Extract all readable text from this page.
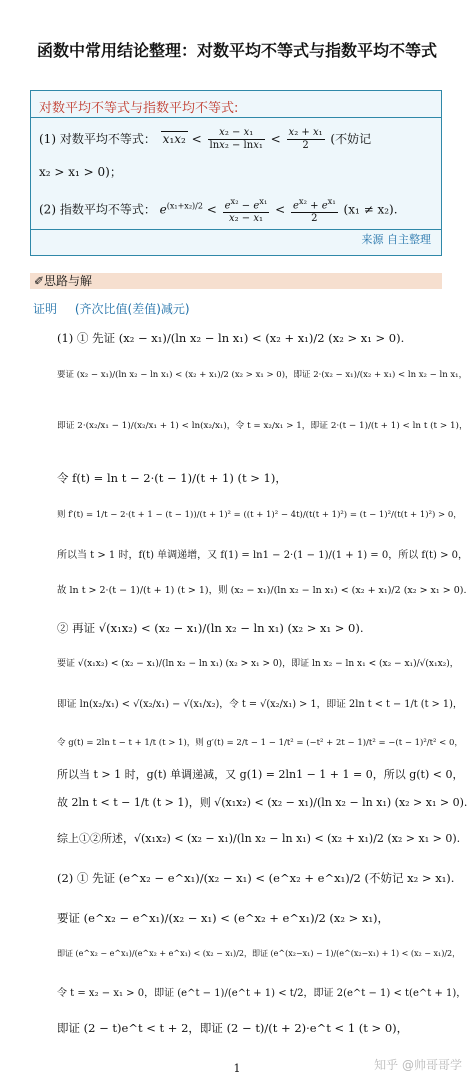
函数中常用结论整理：对数平均不等式与指数平均不等式
对数平均不等式与指数平均不等式:
(1) 对数平均不等式： $x_1x_2 < \frac{\text{x₂ − x₁}}{\text{lnx₂ − lnx₁}} < \frac{\text{x₂ + x₁}}{2}$ (不妨记
x₂ > x₁ > 0)；
(2) 指数平均不等式： $e^{(x_1+x_2)/2} < \frac{e^{x_2} - e^{x_1}}{\text{x₂ − x₁}} < \frac{e^{x_2} + e^{x_1}}{2} (x_1 \ne x_2)$.
来源 自主整理
✐思路与解
证明 (齐次比值(差值)减元)
(1) ① 先证 (x₂ − x₁)/(ln x₂ − ln x₁) < (x₂ + x₁)/2 (x₂ > x₁ > 0).
要证 (x₂ − x₁)/(ln x₂ − ln x₁) < (x₂ + x₁)/2 (x₂ > x₁ > 0)，即证 2·(x₂ − x₁)/(x₂ + x₁) < ln x₂ − ln x₁，
即证 2·(x₂/x₁ − 1)/(x₂/x₁ + 1) < ln(x₂/x₁)，令 t = x₂/x₁ > 1，即证 2·(t − 1)/(t + 1) < ln t (t > 1)，
令 f(t) = ln t − 2·(t − 1)/(t + 1) (t > 1)，
则 f′(t) = 1/t − 2·(t + 1 − (t − 1))/(t + 1)² = ((t + 1)² − 4t)/(t(t + 1)²) = (t − 1)²/(t(t + 1)²) > 0，
所以当 t > 1 时，f(t) 单调递增，又 f(1) = ln1 − 2·(1 − 1)/(1 + 1) = 0，所以 f(t) > 0，
故 ln t > 2·(t − 1)/(t + 1) (t > 1)，则 (x₂ − x₁)/(ln x₂ − ln x₁) < (x₂ + x₁)/2 (x₂ > x₁ > 0).
② 再证 √(x₁x₂) < (x₂ − x₁)/(ln x₂ − ln x₁) (x₂ > x₁ > 0).
要证 √(x₁x₂) < (x₂ − x₁)/(ln x₂ − ln x₁) (x₂ > x₁ > 0)，即证 ln x₂ − ln x₁ < (x₂ − x₁)/√(x₁x₂)，
即证 ln(x₂/x₁) < √(x₂/x₁) − √(x₁/x₂)，令 t = √(x₂/x₁) > 1，即证 2ln t < t − 1/t (t > 1)，
令 g(t) = 2ln t − t + 1/t (t > 1)，则 g′(t) = 2/t − 1 − 1/t² = (−t² + 2t − 1)/t² = −(t − 1)²/t² < 0，
所以当 t > 1 时，g(t) 单调递减，又 g(1) = 2ln1 − 1 + 1 = 0，所以 g(t) < 0，
故 2ln t < t − 1/t (t > 1)，则 √(x₁x₂) < (x₂ − x₁)/(ln x₂ − ln x₁) (x₂ > x₁ > 0).
综上①②所述，√(x₁x₂) < (x₂ − x₁)/(ln x₂ − ln x₁) < (x₂ + x₁)/2 (x₂ > x₁ > 0).
(2) ① 先证 (e^x₂ − e^x₁)/(x₂ − x₁) < (e^x₂ + e^x₁)/2 (不妨记 x₂ > x₁).
要证 (e^x₂ − e^x₁)/(x₂ − x₁) < (e^x₂ + e^x₁)/2 (x₂ > x₁)，
即证 (e^x₂ − e^x₁)/(e^x₂ + e^x₁) < (x₂ − x₁)/2，即证 (e^(x₂−x₁) − 1)/(e^(x₂−x₁) + 1) < (x₂ − x₁)/2，
令 t = x₂ − x₁ > 0，即证 (e^t − 1)/(e^t + 1) < t/2，即证 2(e^t − 1) < t(e^t + 1)，
即证 (2 − t)e^t < t + 2，即证 (2 − t)/(t + 2)·e^t < 1 (t > 0)，
1	知乎 @帅哥哥学
